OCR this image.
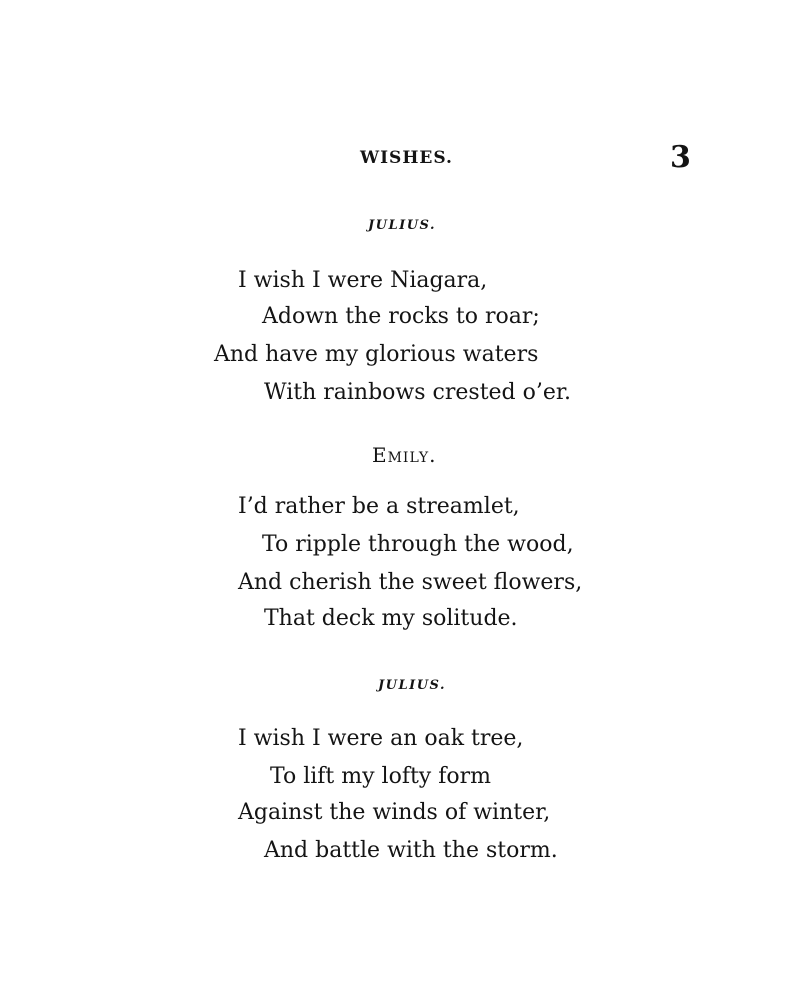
WISHES.	3
JULIUS.
I wish I were Niagara,
Adown the rocks to roar;
And have my glorious waters
With rainbows crested o’er.
Emily.
I’d rather be a streamlet,
To ripple through the wood,
And cherish the sweet flowers,
That deck my solitude.
JULIUS.
I wish I were an oak tree,
To lift my lofty form
Against the winds of winter,
And battle with the storm.
